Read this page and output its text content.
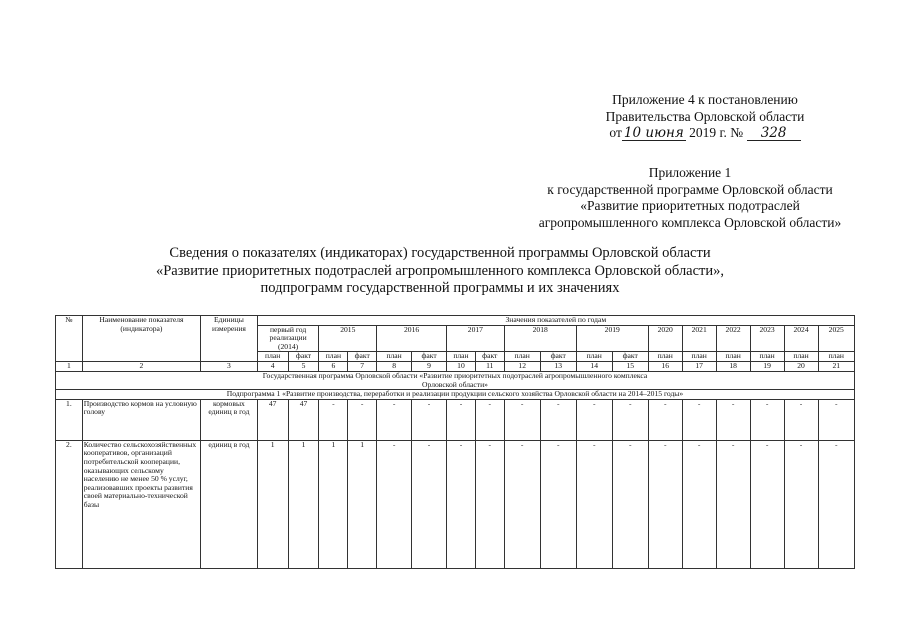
Приложение 4 к постановлению
Правительства Орловской области
от 10 июня 2019 г. № 328
Приложение 1
к государственной программе Орловской области
«Развитие приоритетных подотраслей
агропромышленного комплекса Орловской области»
Сведения о показателях (индикаторах) государственной программы Орловской области
«Развитие приоритетных подотраслей агропромышленного комплекса Орловской области»,
подпрограмм государственной программы и их значениях
№	Наименование показателя (индикатора)	Единицы измерения	Значения показателей по годам																	
			первый год реализации (2014)		2015		2016		2017		2018		2019		2020	2021	2022	2023	2024	2025
			план	факт	план	факт	план	факт	план	факт	план	факт	план	факт	план	план	план	план	план	план
1	2	3	4	5	6	7	8	9	10	11	12	13	14	15	16	17	18	19	20	21

Государственная программа Орловской области «Развитие приоритетных подотраслей агропромышленного комплекса Орловской области»																				

Подпрограмма 1 «Развитие производства, переработки и реализации продукции сельского хозяйства Орловской области на 2014–2015 годы»																				

1.	Производство кормов на условную голову	кормовых единиц в год	47	47	-	-	-	-	-	-	-	-	-	-	-	-	-	-	-	-
2.	Количество сельскохозяйственных кооперативов, организаций потребительской кооперации, оказывающих сельскому населению не менее 50 % услуг, реализовавших проекты развития своей материально-технической базы	единиц в год	1	1	1	1	-	-	-	-	-	-	-	-	-	-	-	-	-	-
